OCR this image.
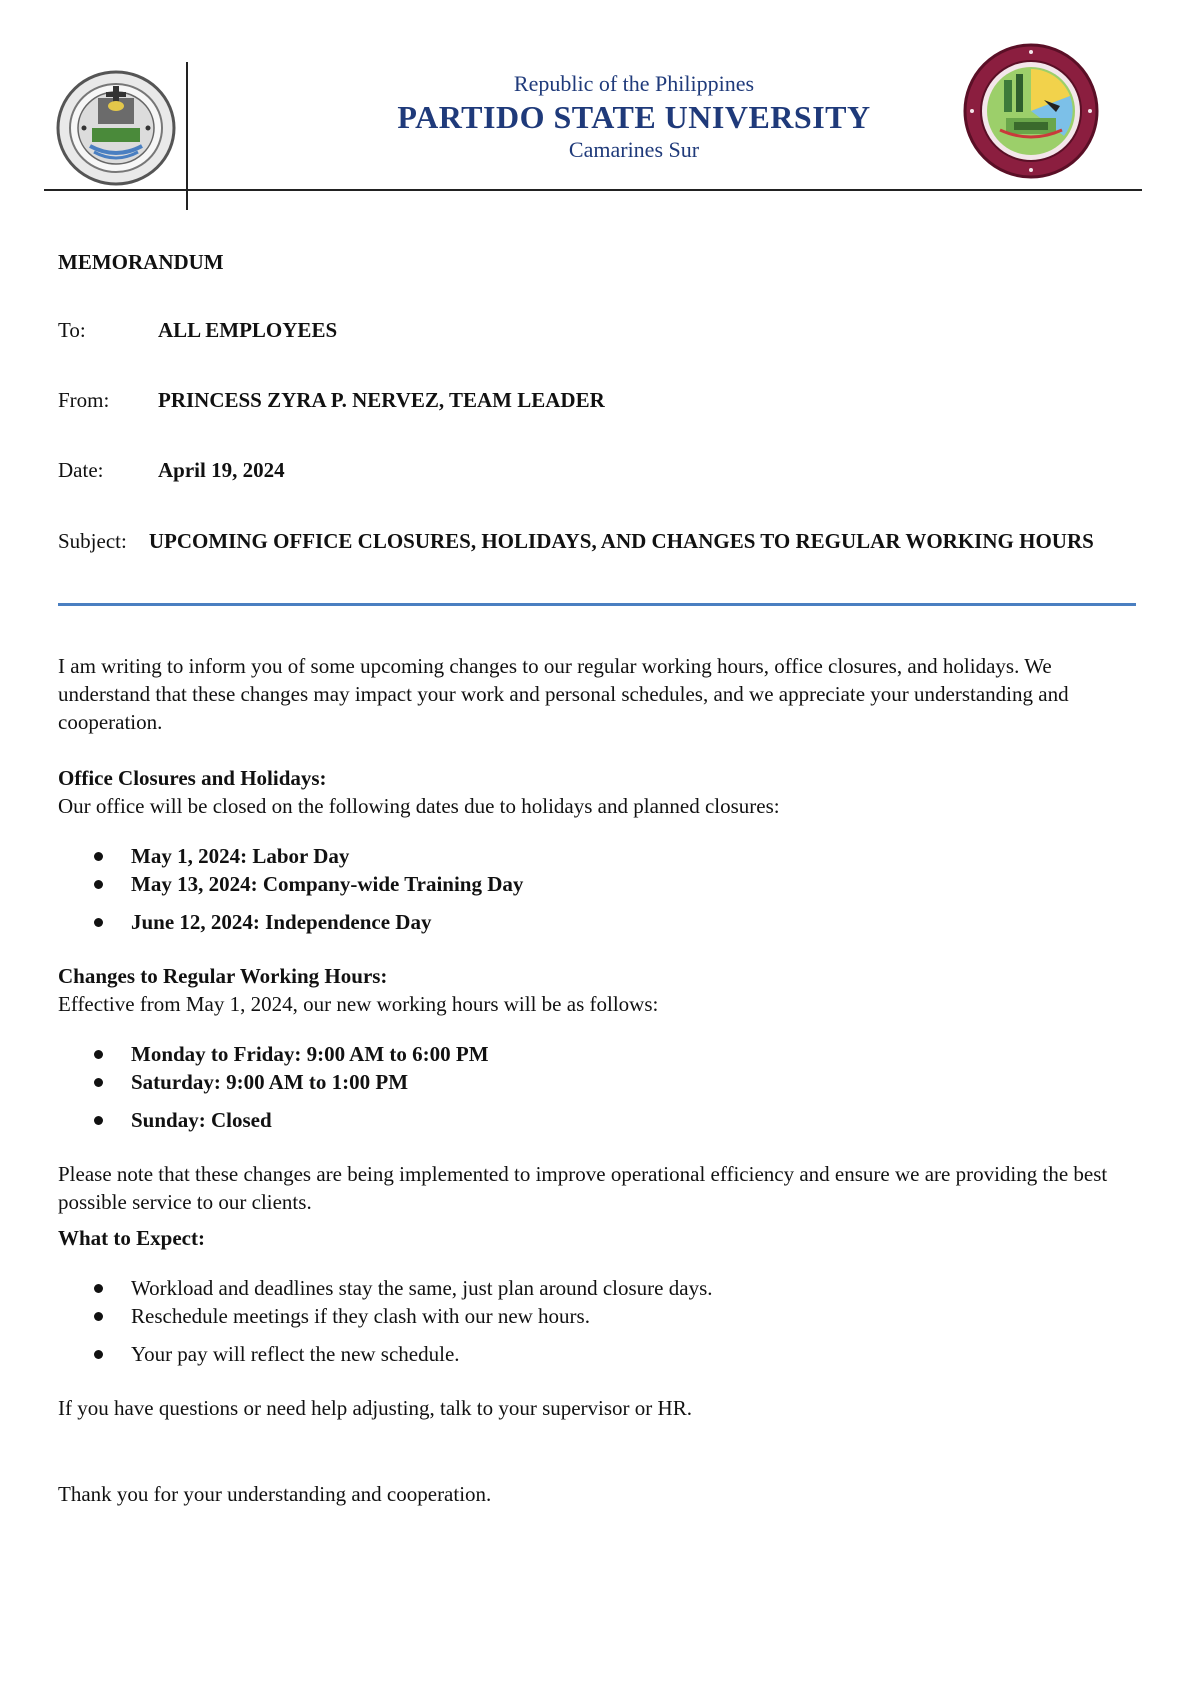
Republic of the Philippines
PARTIDO STATE UNIVERSITY
Camarines Sur
MEMORANDUM
To:	ALL EMPLOYEES
From: PRINCESS ZYRA P. NERVEZ, TEAM LEADER
Date:	April 19, 2024
Subject: UPCOMING OFFICE CLOSURES, HOLIDAYS, AND CHANGES TO REGULAR WORKING HOURS

I am writing to inform you of some upcoming changes to our regular working hours, office closures, and holidays. We understand that these changes may impact your work and personal schedules, and we appreciate your understanding and cooperation.

Office Closures and Holidays:

Our office will be closed on the following dates due to holidays and planned closures:

May 1, 2024: Labor Day
May 13, 2024: Company-wide Training Day
June 12, 2024: Independence Day

Changes to Regular Working Hours:

Effective from May 1, 2024, our new working hours will be as follows:

Monday to Friday: 9:00 AM to 6:00 PM
Saturday: 9:00 AM to 1:00 PM
Sunday: Closed

Please note that these changes are being implemented to improve operational efficiency and ensure we are providing the best possible service to our clients.

What to Expect:

Workload and deadlines stay the same, just plan around closure days.
Reschedule meetings if they clash with our new hours.
Your pay will reflect the new schedule.

If you have questions or need help adjusting, talk to your supervisor or HR.

Thank you for your understanding and cooperation.
